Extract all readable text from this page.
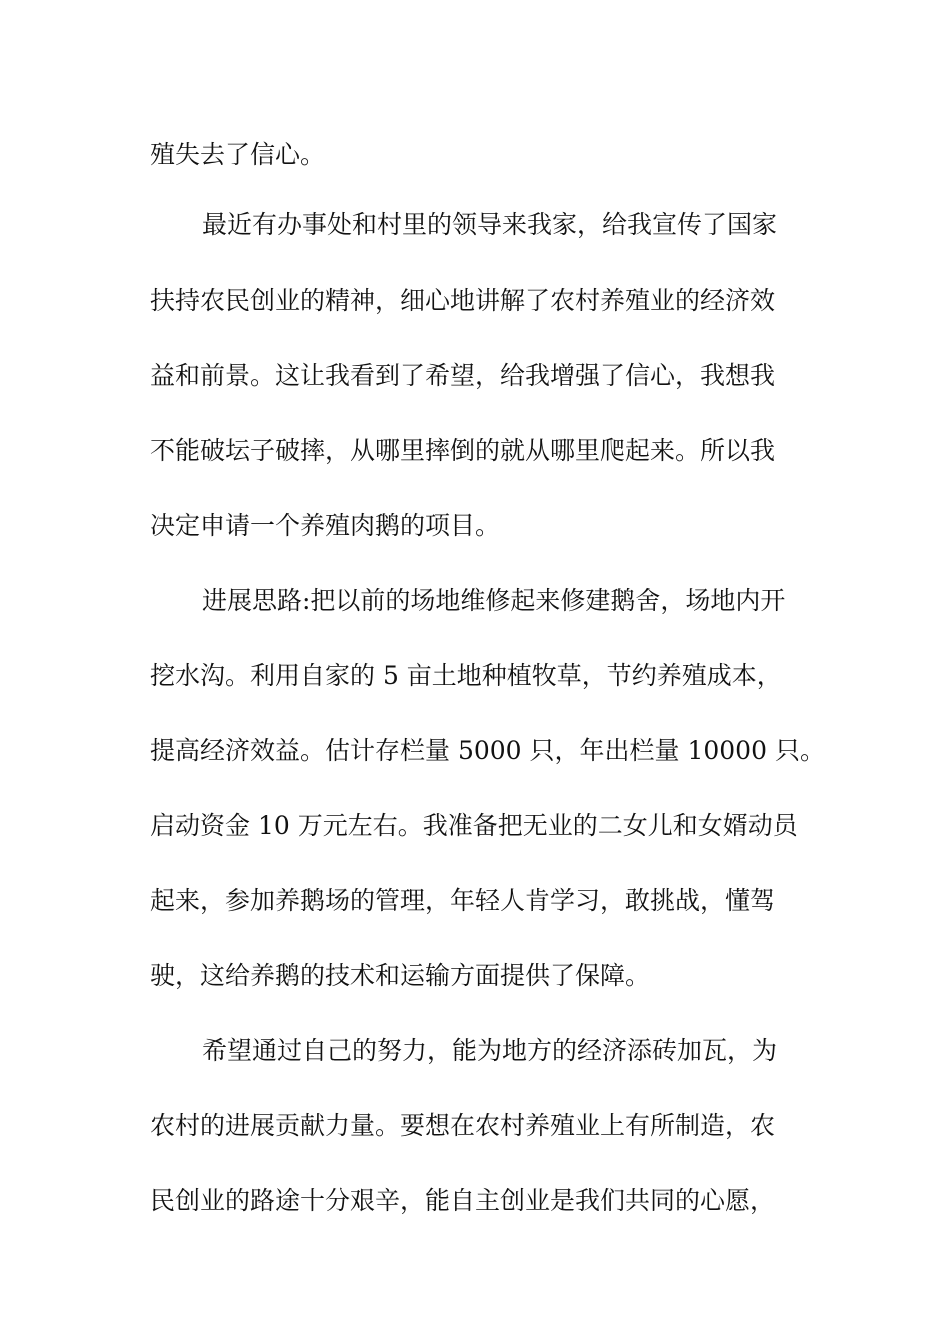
殖失去了信心。
最近有办事处和村里的领导来我家，给我宣传了国家
扶持农民创业的精神，细心地讲解了农村养殖业的经济效
益和前景。这让我看到了希望，给我增强了信心，我想我
不能破坛子破摔，从哪里摔倒的就从哪里爬起来。所以我
决定申请一个养殖肉鹅的项目。
进展思路:把以前的场地维修起来修建鹅舍，场地内开
挖水沟。利用自家的 5 亩土地种植牧草，节约养殖成本，
提高经济效益。估计存栏量 5000 只，年出栏量 10000 只。
启动资金 10 万元左右。我准备把无业的二女儿和女婿动员
起来，参加养鹅场的管理，年轻人肯学习，敢挑战，懂驾
驶，这给养鹅的技术和运输方面提供了保障。
希望通过自己的努力，能为地方的经济添砖加瓦，为
农村的进展贡献力量。要想在农村养殖业上有所制造，农
民创业的路途十分艰辛，能自主创业是我们共同的心愿，
